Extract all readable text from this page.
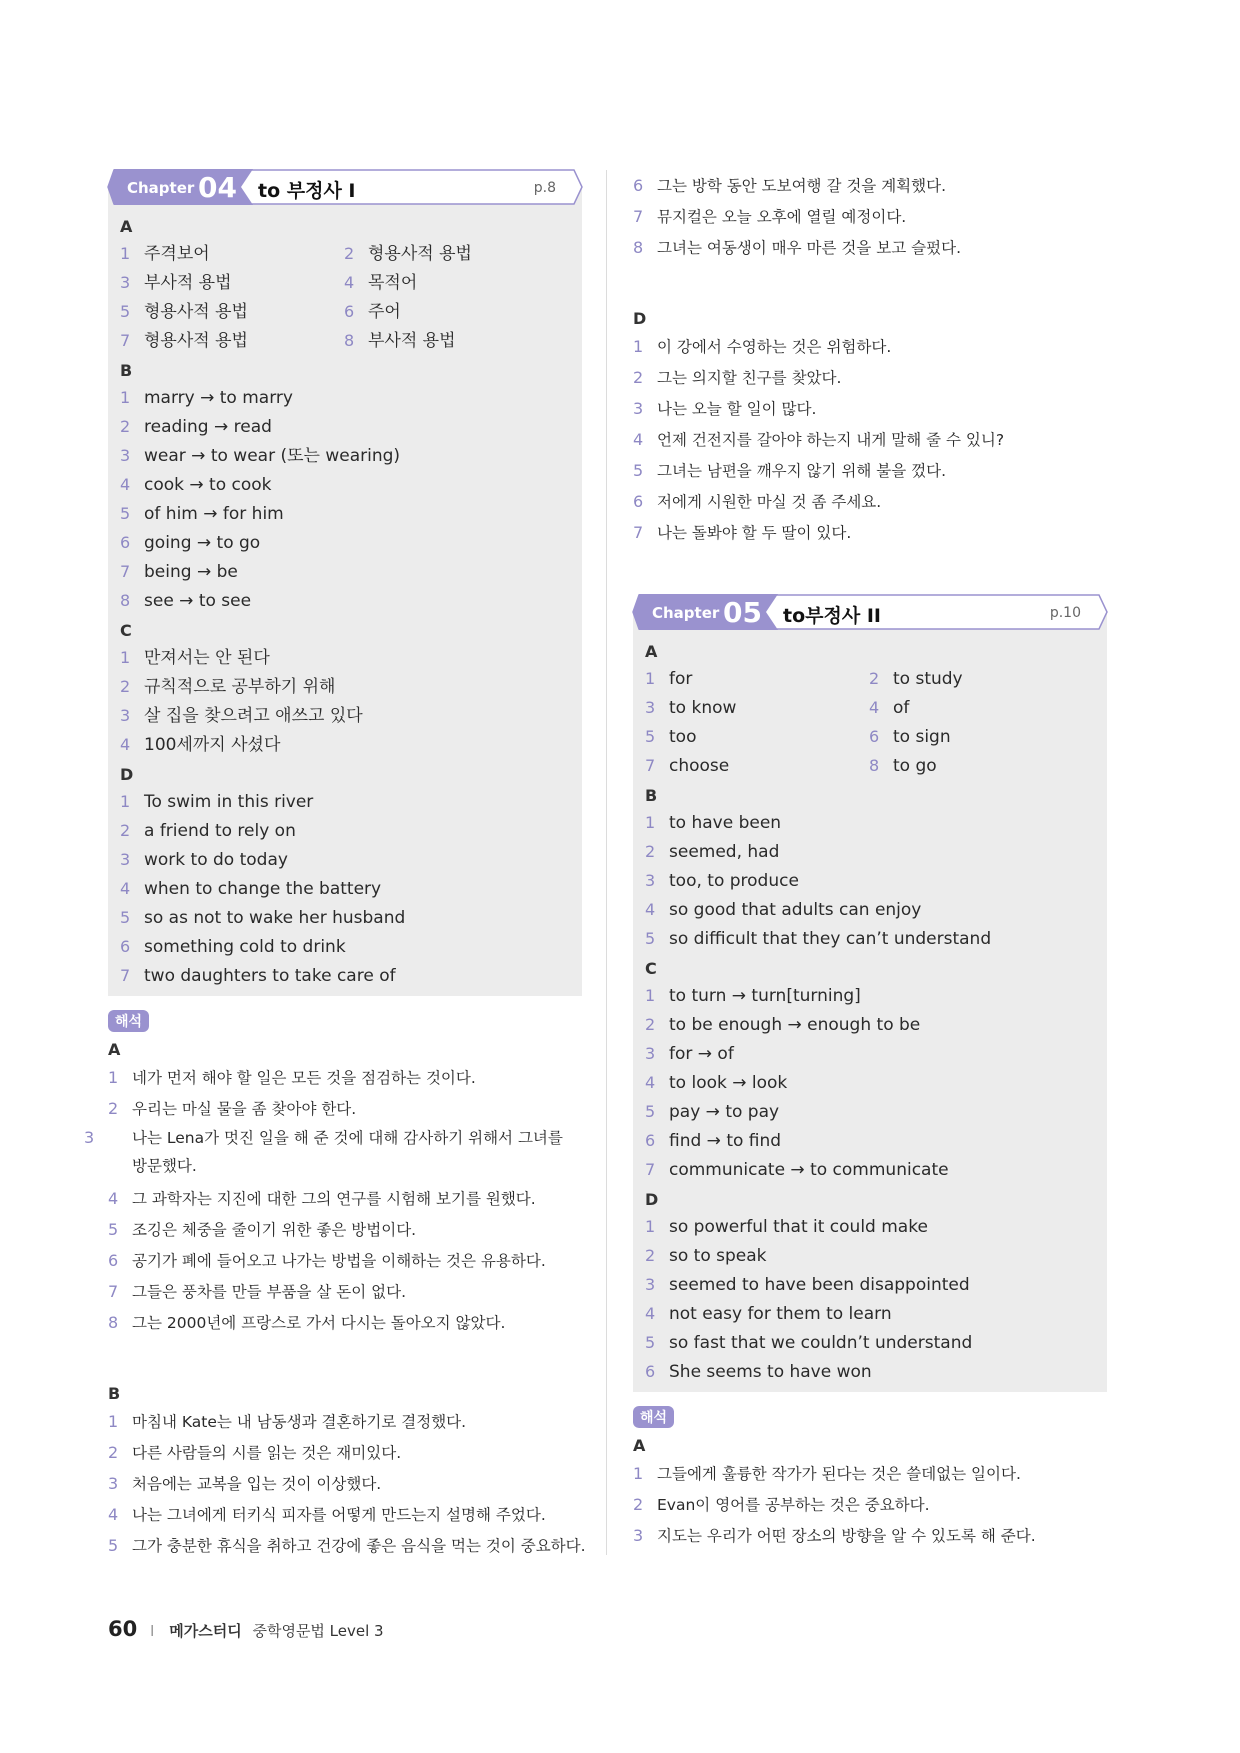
Chapter 04 to 부정사 I	p.8
A
1 주격보어	2 형용사적 용법
3 부사적 용법	4 목적어
5 형용사적 용법	6 주어
7 형용사적 용법	8 부사적 용법
B
1 marry → to marry
2 reading → read
3 wear → to wear (또는 wearing)
4 cook → to cook
5 of him → for him
6 going → to go
7 being → be
8 see → to see
C
1 만져서는 안 된다
2 규칙적으로 공부하기 위해
3 살 집을 찾으려고 애쓰고 있다
4 100세까지 사셨다
D
1 To swim in this river
2 a friend to rely on
3 work to do today
4 when to change the battery
5 so as not to wake her husband
6 something cold to drink
7 two daughters to take care of
해석
A
1 네가 먼저 해야 할 일은 모든 것을 점검하는 것이다.
2 우리는 마실 물을 좀 찾아야 한다.
3 나는 Lena가 멋진 일을 해 준 것에 대해 감사하기 위해서 그녀를 방문했다.
4 그 과학자는 지진에 대한 그의 연구를 시험해 보기를 원했다.
5 조깅은 체중을 줄이기 위한 좋은 방법이다.
6 공기가 폐에 들어오고 나가는 방법을 이해하는 것은 유용하다.
7 그들은 풍차를 만들 부품을 살 돈이 없다.
8 그는 2000년에 프랑스로 가서 다시는 돌아오지 않았다.
B
1 마침내 Kate는 내 남동생과 결혼하기로 결정했다.
2 다른 사람들의 시를 읽는 것은 재미있다.
3 처음에는 교복을 입는 것이 이상했다.
4 나는 그녀에게 터키식 피자를 어떻게 만드는지 설명해 주었다.
5 그가 충분한 휴식을 취하고 건강에 좋은 음식을 먹는 것이 중요하다.
6 그는 방학 동안 도보여행 갈 것을 계획했다.
7 뮤지컬은 오늘 오후에 열릴 예정이다.
8 그녀는 여동생이 매우 마른 것을 보고 슬펐다.
D
1 이 강에서 수영하는 것은 위험하다.
2 그는 의지할 친구를 찾았다.
3 나는 오늘 할 일이 많다.
4 언제 건전지를 갈아야 하는지 내게 말해 줄 수 있니?
5 그녀는 남편을 깨우지 않기 위해 불을 껐다.
6 저에게 시원한 마실 것 좀 주세요.
7 나는 돌봐야 할 두 딸이 있다.
Chapter 05 to부정사 II	p.10
A
1 for	2 to study
3 to know	4 of
5 too	6 to sign
7 choose	8 to go
B
1 to have been
2 seemed, had
3 too, to produce
4 so good that adults can enjoy
5 so difficult that they can’t understand
C
1 to turn → turn[turning]
2 to be enough → enough to be
3 for → of
4 to look → look
5 pay → to pay
6 find → to find
7 communicate → to communicate
D
1 so powerful that it could make
2 so to speak
3 seemed to have been disappointed
4 not easy for them to learn
5 so fast that we couldn’t understand
6 She seems to have won
해석
A
1 그들에게 훌륭한 작가가 된다는 것은 쓸데없는 일이다.
2 Evan이 영어를 공부하는 것은 중요하다.
3 지도는 우리가 어떤 장소의 방향을 알 수 있도록 해 준다.
60 I 메가스터디 중학영문법 Level 3
